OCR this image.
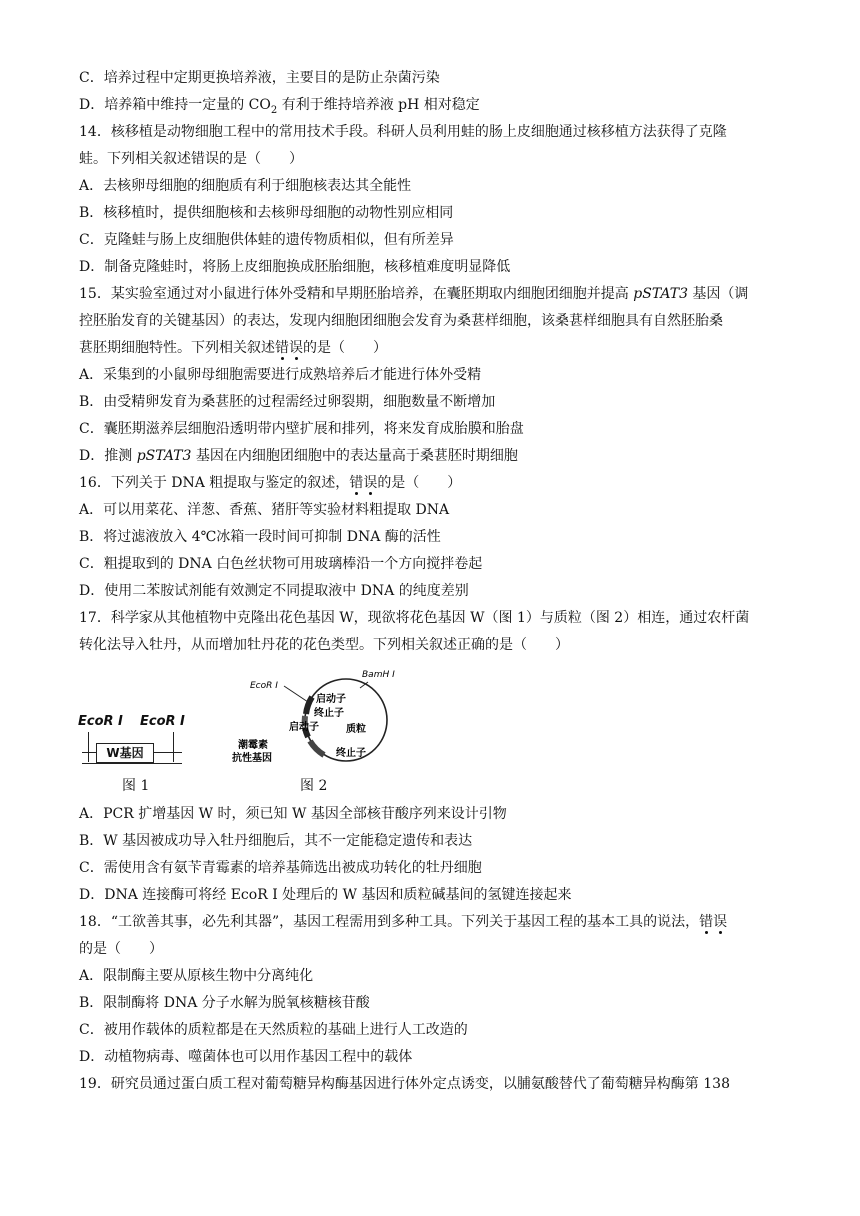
C．培养过程中定期更换培养液，主要目的是防止杂菌污染
D．培养箱中维持一定量的 $CO_2$ 有利于维持培养液 pH 相对稳定
14．核移植是动物细胞工程中的常用技术手段。科研人员利用蛙的肠上皮细胞通过核移植方法获得了克隆
蛙。下列相关叙述错误的是（　　）
A．去核卵母细胞的细胞质有利于细胞核表达其全能性
B．核移植时，提供细胞核和去核卵母细胞的动物性别应相同
C．克隆蛙与肠上皮细胞供体蛙的遗传物质相似，但有所差异
D．制备克隆蛙时，将肠上皮细胞换成胚胎细胞，核移植难度明显降低
15．某实验室通过对小鼠进行体外受精和早期胚胎培养，在囊胚期取内细胞团细胞并提高 pSTAT3 基因（调
控胚胎发育的关键基因）的表达，发现内细胞团细胞会发育为桑葚样细胞，该桑葚样细胞具有自然胚胎桑
葚胚期细胞特性。下列相关叙述错误的是（　　）
A．采集到的小鼠卵母细胞需要进行成熟培养后才能进行体外受精
B．由受精卵发育为桑葚胚的过程需经过卵裂期，细胞数量不断增加
C．囊胚期滋养层细胞沿透明带内壁扩展和排列，将来发育成胎膜和胎盘
D．推测 pSTAT3 基因在内细胞团细胞中的表达量高于桑葚胚时期细胞
16．下列关于 DNA 粗提取与鉴定的叙述，错误的是（　　）
A．可以用菜花、洋葱、香蕉、猪肝等实验材料粗提取 DNA
B．将过滤液放入 4℃冰箱一段时间可抑制 DNA 酶的活性
C．粗提取到的 DNA 白色丝状物可用玻璃棒沿一个方向搅拌卷起
D．使用二苯胺试剂能有效测定不同提取液中 DNA 的纯度差别
17．科学家从其他植物中克隆出花色基因 W，现欲将花色基因 W（图 1）与质粒（图 2）相连，通过农杆菌
转化法导入牡丹，从而增加牡丹花的花色类型。下列相关叙述正确的是（　　）
EcoR Ⅰ EcoR Ⅰ
W基因
图 1
EcoR Ⅰ
BamH Ⅰ
启动子
终止子
启动子	质粒
潮霉素
抗性基因	终止子
图 2
A．PCR 扩增基因 W 时，须已知 W 基因全部核苷酸序列来设计引物
B．W 基因被成功导入牡丹细胞后，其不一定能稳定遗传和表达
C．需使用含有氨苄青霉素的培养基筛选出被成功转化的牡丹细胞
D．DNA 连接酶可将经 EcoR Ⅰ 处理后的 W 基因和质粒碱基间的氢键连接起来
18．“工欲善其事，必先利其器”，基因工程需用到多种工具。下列关于基因工程的基本工具的说法，错误
的是（　　）
A．限制酶主要从原核生物中分离纯化
B．限制酶将 DNA 分子水解为脱氧核糖核苷酸
C．被用作载体的质粒都是在天然质粒的基础上进行人工改造的
D．动植物病毒、噬菌体也可以用作基因工程中的载体
19．研究员通过蛋白质工程对葡萄糖异构酶基因进行体外定点诱变，以脯氨酸替代了葡萄糖异构酶第 138
